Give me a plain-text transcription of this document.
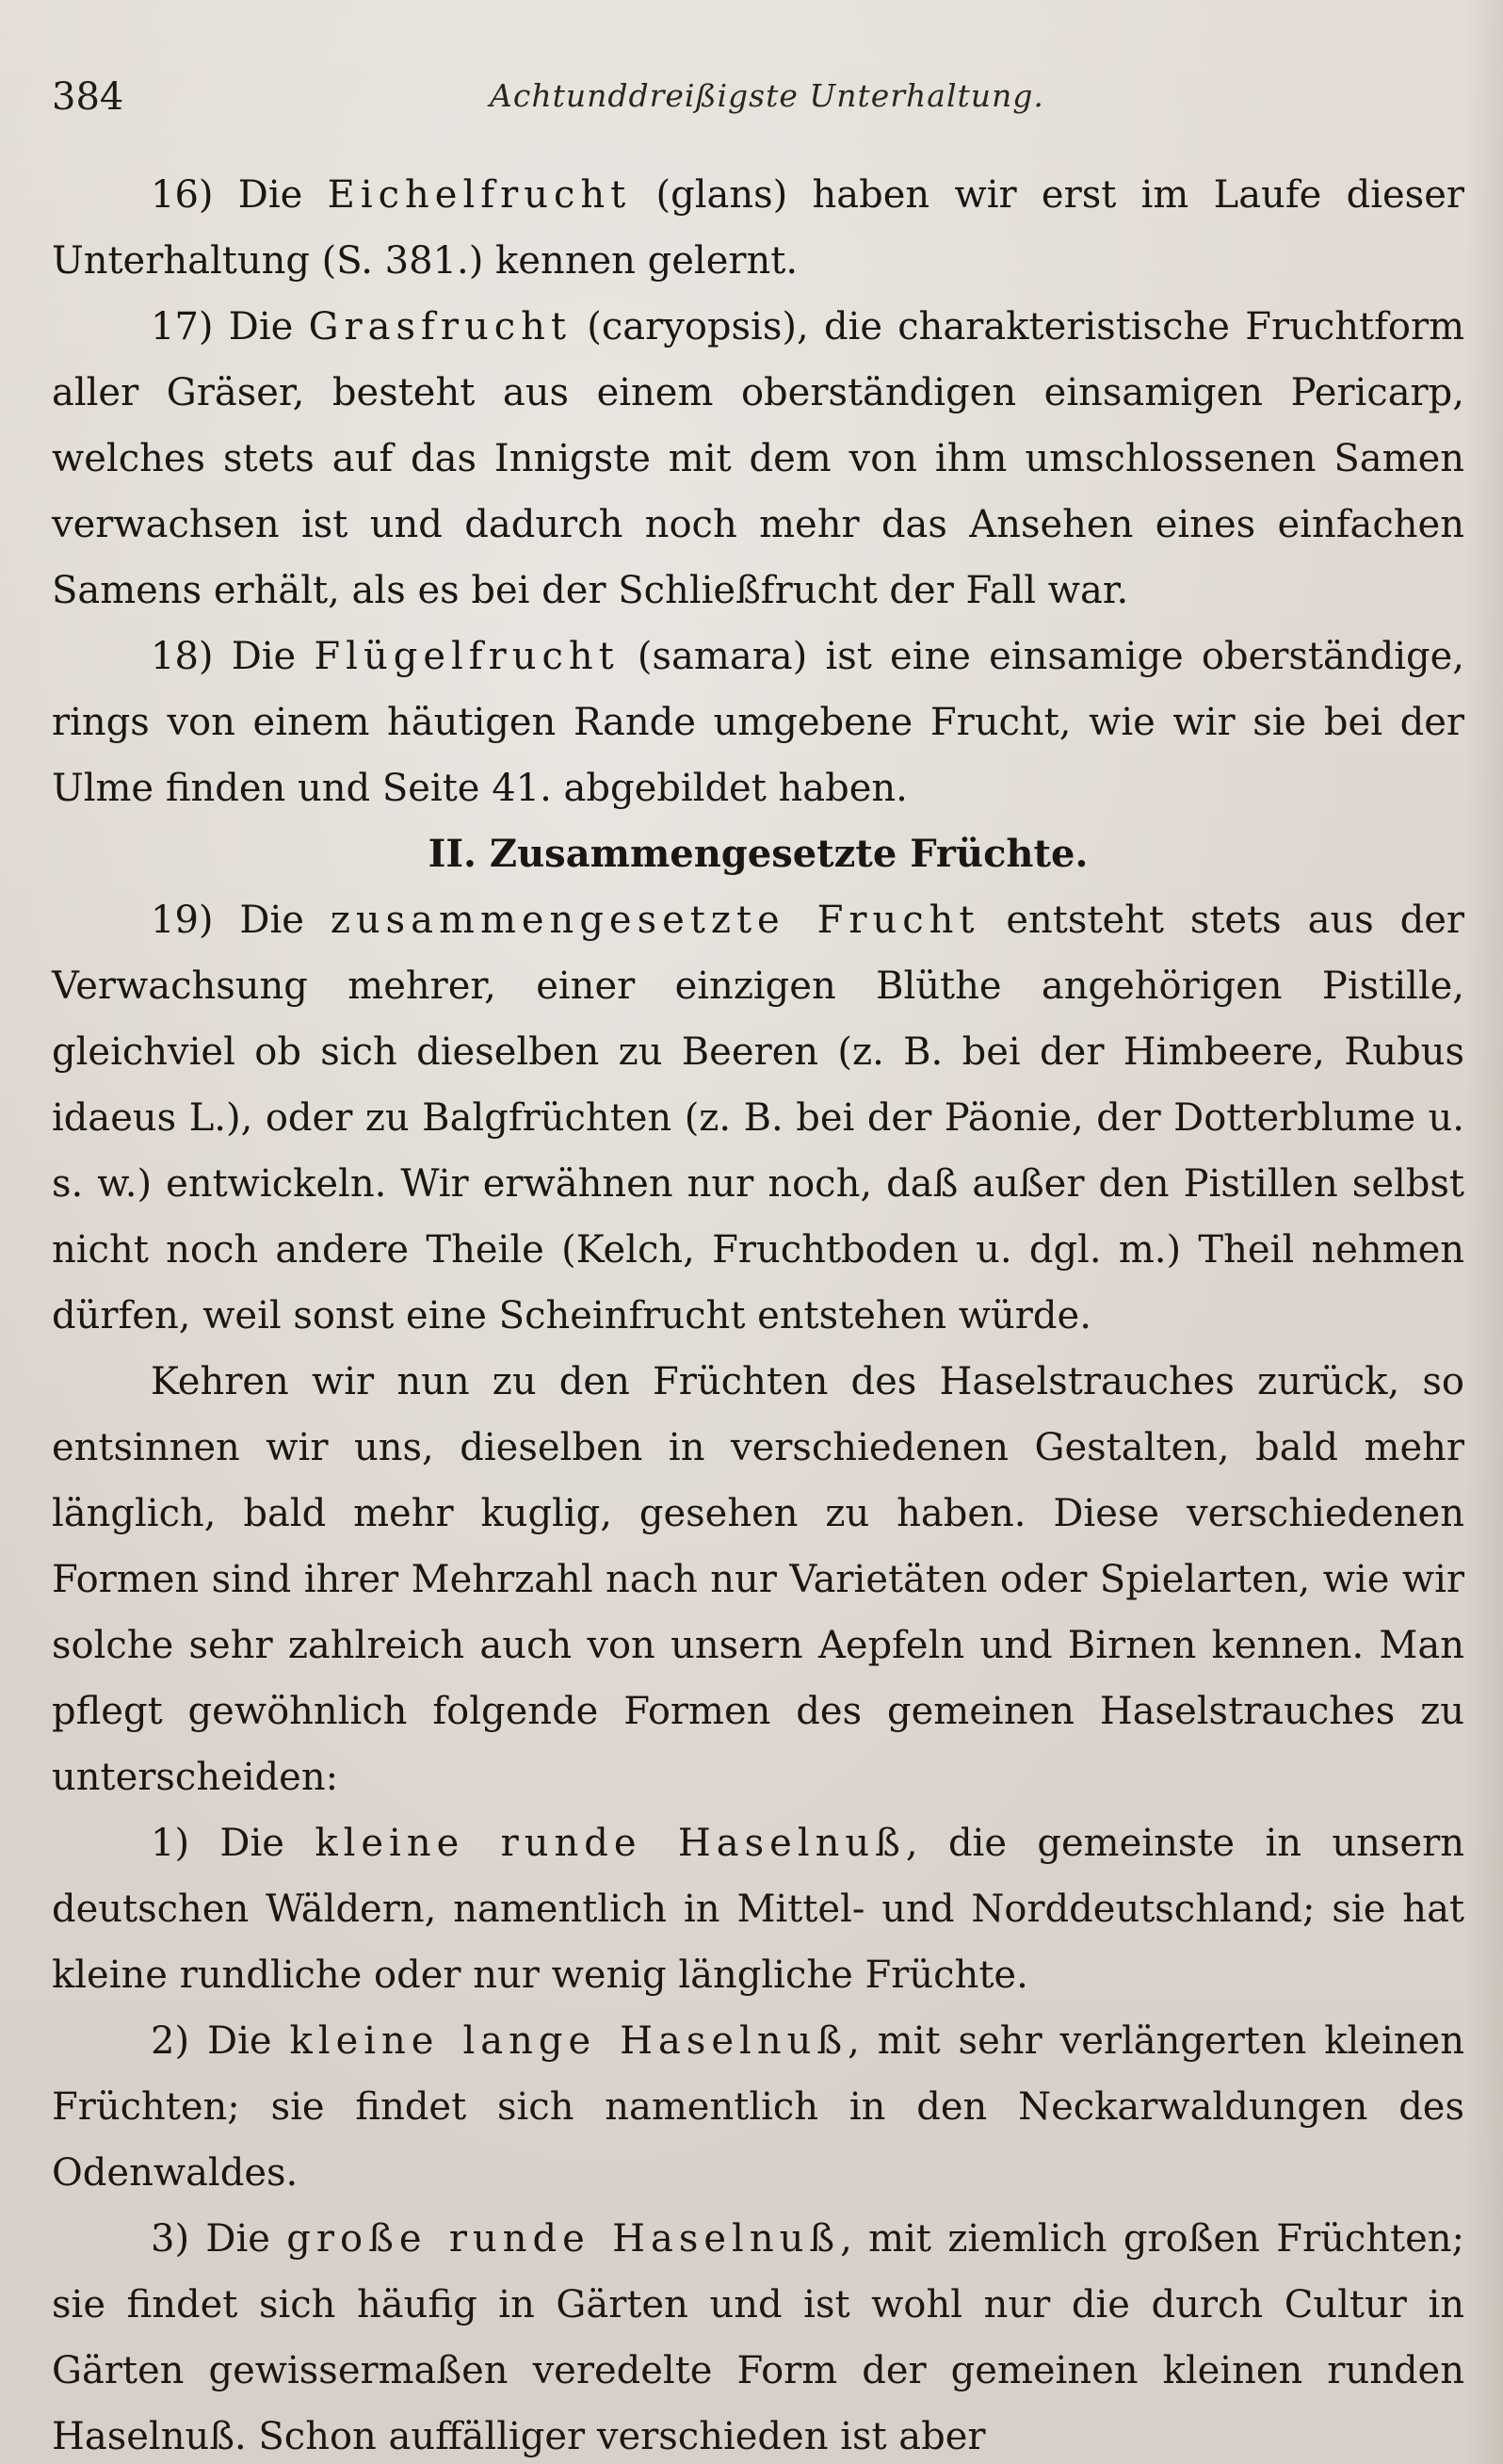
384	Achtunddreißigste Unterhaltung.

16) Die Eichelfrucht (glans) haben wir erst im Laufe dieser Unterhaltung (S. 381.) kennen gelernt.

17) Die Grasfrucht (caryopsis), die charakteristische Fruchtform aller Gräser, besteht aus einem oberständigen einsamigen Pericarp, welches stets auf das Innigste mit dem von ihm umschlossenen Samen verwachsen ist und dadurch noch mehr das Ansehen eines einfachen Samens erhält, als es bei der Schließfrucht der Fall war.

18) Die Flügelfrucht (samara) ist eine einsamige oberständige, rings von einem häutigen Rande umgebene Frucht, wie wir sie bei der Ulme finden und Seite 41. abgebildet haben.

II. Zusammengesetzte Früchte.

19) Die zusammengesetzte Frucht entsteht stets aus der Verwachsung mehrer, einer einzigen Blüthe angehörigen Pistille, gleichviel ob sich dieselben zu Beeren (z. B. bei der Himbeere, Rubus idaeus L.), oder zu Balgfrüchten (z. B. bei der Päonie, der Dotterblume u. s. w.) entwickeln. Wir erwähnen nur noch, daß außer den Pistillen selbst nicht noch andere Theile (Kelch, Fruchtboden u. dgl. m.) Theil nehmen dürfen, weil sonst eine Scheinfrucht entstehen würde.

Kehren wir nun zu den Früchten des Haselstrauches zurück, so entsinnen wir uns, dieselben in verschiedenen Gestalten, bald mehr länglich, bald mehr kuglig, gesehen zu haben. Diese verschiedenen Formen sind ihrer Mehrzahl nach nur Varietäten oder Spielarten, wie wir solche sehr zahlreich auch von unsern Aepfeln und Birnen kennen. Man pflegt gewöhnlich folgende Formen des gemeinen Haselstrauches zu unterscheiden:

1) Die kleine runde Haselnuß, die gemeinste in unsern deutschen Wäldern, namentlich in Mittel- und Norddeutschland; sie hat kleine rundliche oder nur wenig längliche Früchte.

2) Die kleine lange Haselnuß, mit sehr verlängerten kleinen Früchten; sie findet sich namentlich in den Neckarwaldungen des Odenwaldes.

3) Die große runde Haselnuß, mit ziemlich großen Früchten; sie findet sich häufig in Gärten und ist wohl nur die durch Cultur in Gärten gewissermaßen veredelte Form der gemeinen kleinen runden Haselnuß. Schon auffälliger verschieden ist aber
